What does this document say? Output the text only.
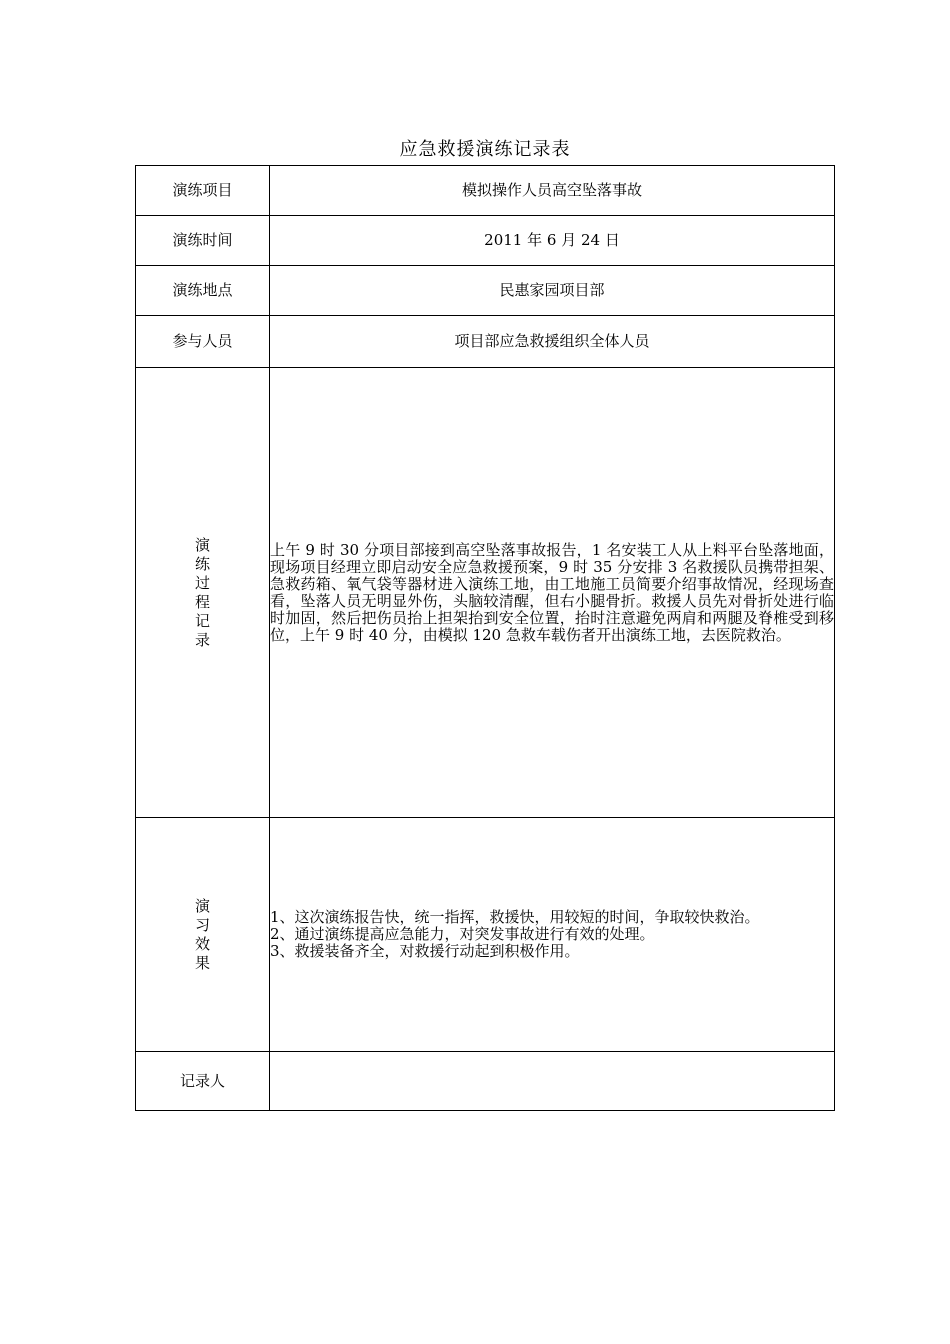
应急救援演练记录表
演练项目	模拟操作人员高空坠落事故
演练时间	2011 年 6 月 24 日
演练地点	民惠家园项目部
参与人员	项目部应急救援组织全体人员
演练过程记录	上午 9 时 30 分项目部接到高空坠落事故报告，1 名安装工人从上料平台坠落地面，现场项目经理立即启动安全应急救援预案，9 时 35 分安排 3 名救援队员携带担架、急救药箱、氧气袋等器材进入演练工地，由工地施工员简要介绍事故情况，经现场查看，坠落人员无明显外伤，头脑较清醒，但右小腿骨折。救援人员先对骨折处进行临时加固，然后把伤员抬上担架抬到安全位置，抬时注意避免两肩和两腿及脊椎受到移位，上午 9 时 40 分，由模拟 120 急救车载伤者开出演练工地，去医院救治。

演习效果	1、这次演练报告快，统一指挥，救援快，用较短的时间，争取较快救治。
2、通过演练提高应急能力，对突发事故进行有效的处理。
3、救援装备齐全，对救援行动起到积极作用。

记录人	
